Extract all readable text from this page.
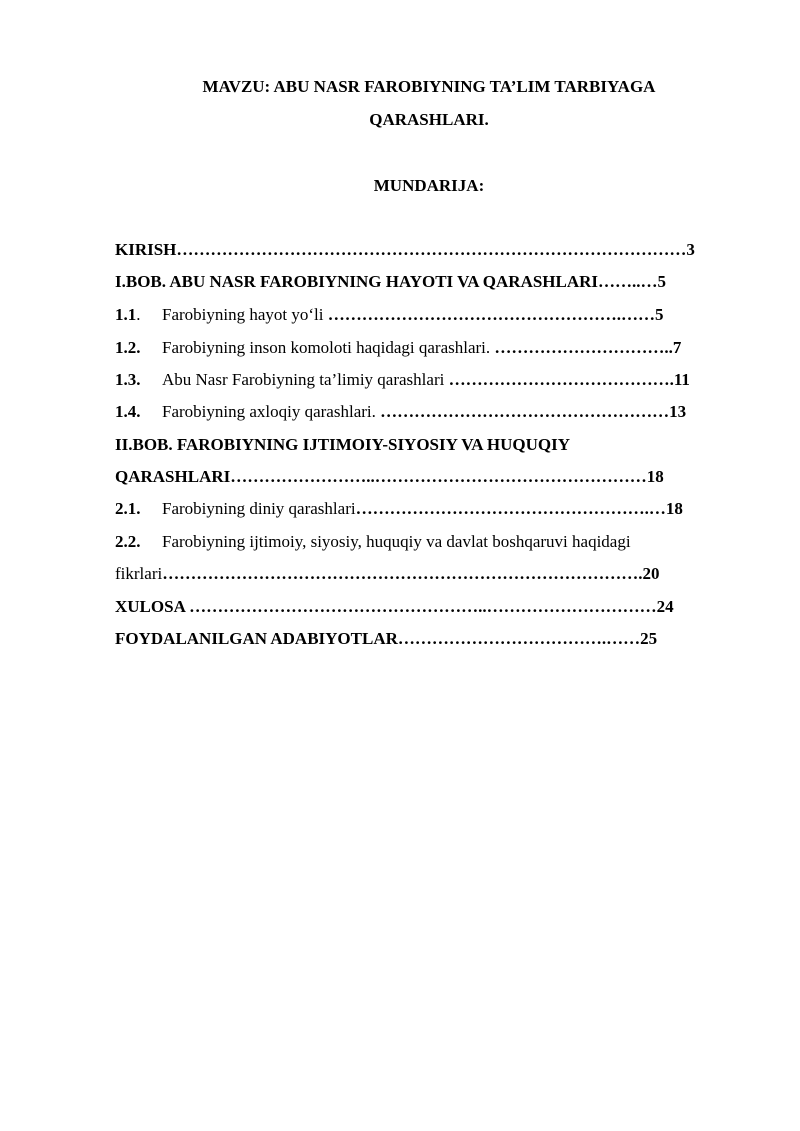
MAVZU: ABU NASR FAROBIYNING TA’LIM TARBIYAGA
QARASHLARI.
MUNDARIJA:
KIRISH………………………………………………………………………………3
I.BOB. ABU NASR FAROBIYNING HAYOTI VA QARASHLARI……..…5
1.1. Farobiyning hayot yo‘li …………………………………………….……5
1.2. Farobiyning inson komoloti haqidagi qarashlari. …………………………..7
1.3. Abu Nasr Farobiyning ta’limiy qarashlari ………………………………….11
1.4. Farobiyning axloqiy qarashlari. ……………………………………………13
II.BOB. FAROBIYNING IJTIMOIY-SIYOSIY VA HUQUQIY
QARASHLARI……………………..…………………………………………18
2.1. Farobiyning diniy qarashlari…………………………………………….…18
2.2. Farobiyning ijtimoiy, siyosiy, huquqiy va davlat boshqaruvi haqidagi
fikrlari………………………………………………………………………….20
XULOSA ……………………………………………..…………………………24
FOYDALANILGAN ADABIYOTLAR……………………………….……25
